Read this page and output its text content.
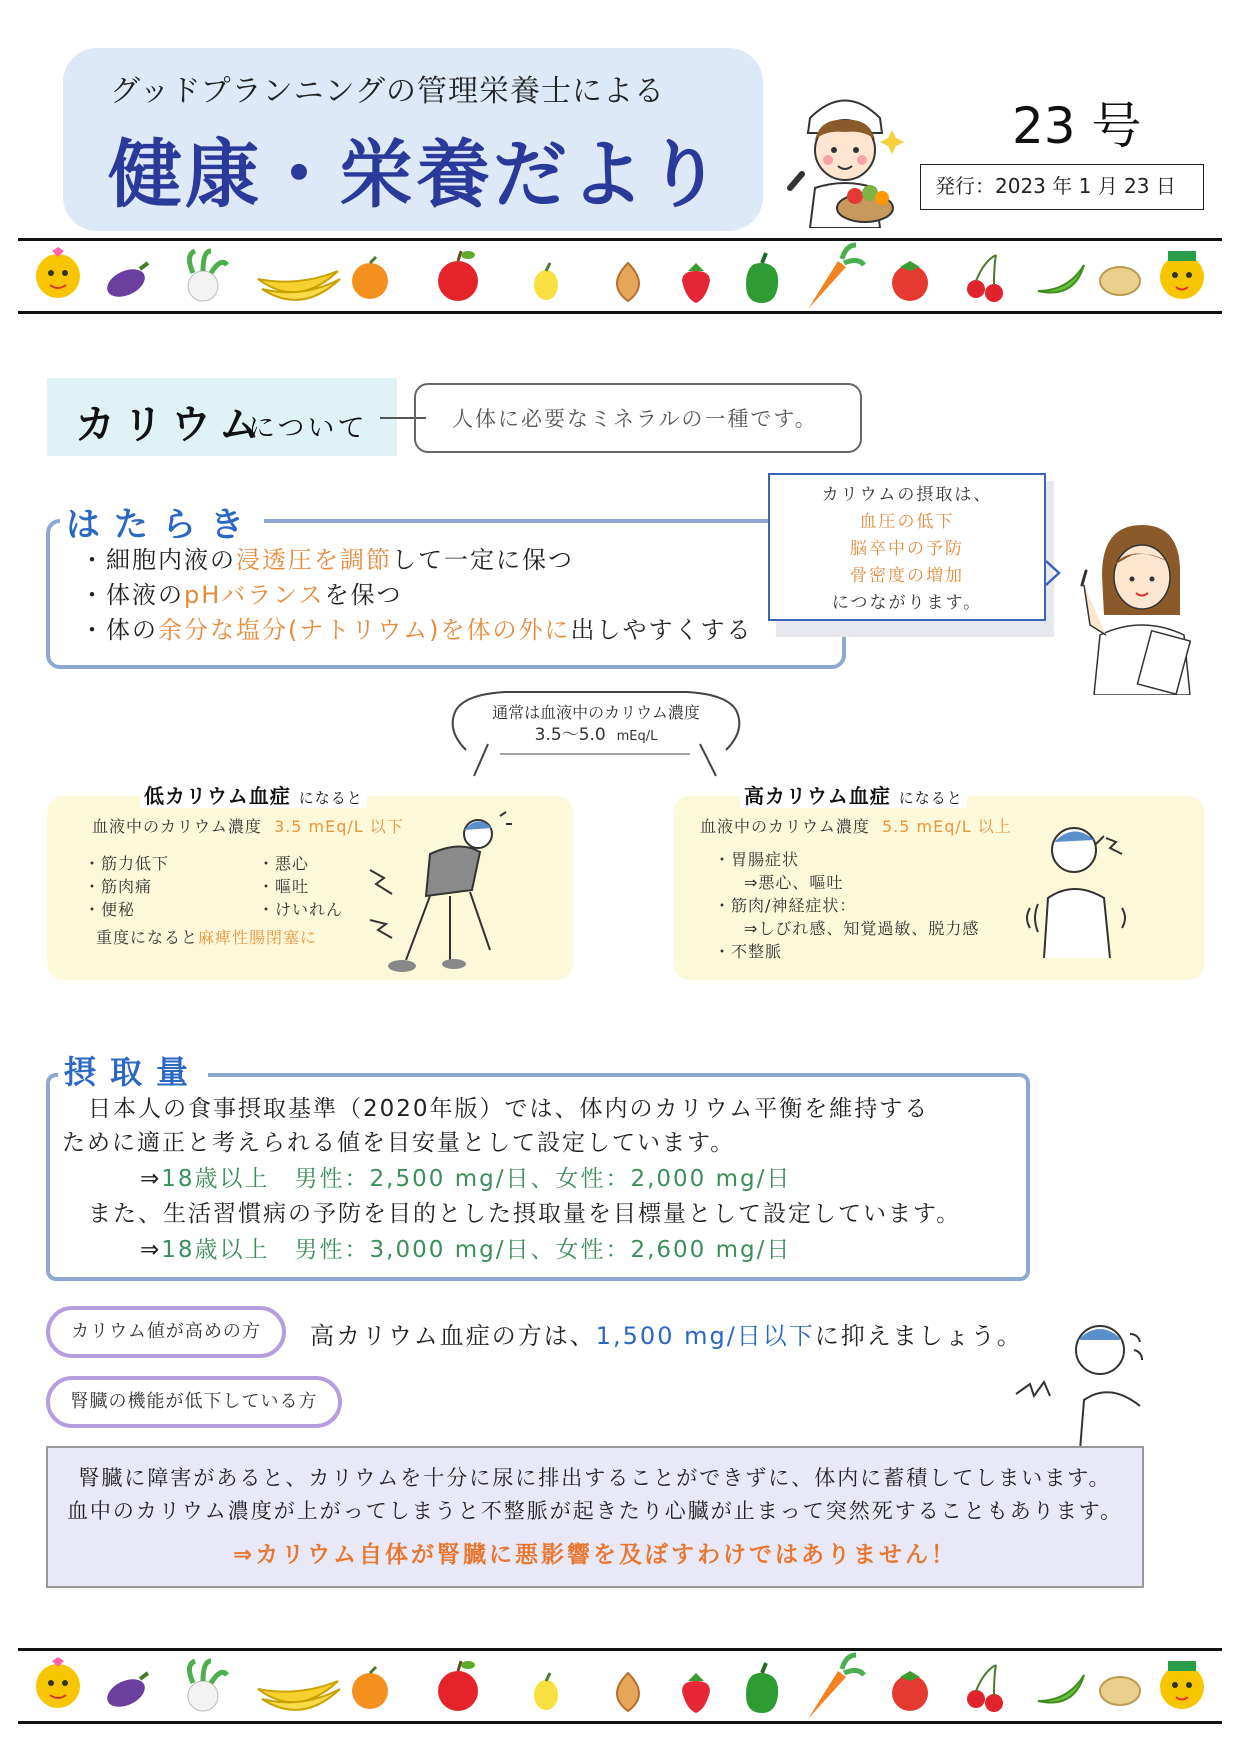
グッドプランニングの管理栄養士による
健康・栄養だより
23 号
発行：2023 年 1 月 23 日
カリウム
について	人体に必要なミネラルの一種です。
はたらき
・細胞内液の浸透圧を調節して一定に保つ
・体液のpHバランスを保つ
・体の余分な塩分(ナトリウム)を体の外に出しやすくする
カリウムの摂取は、
血圧の低下
脳卒中の予防
骨密度の増加
につながります。
通常は血液中のカリウム濃度
3.5～5.0 mEq/L
低カリウム血症 になると
血液中のカリウム濃度 3.5 mEq/L 以下
・筋力低下
・筋肉痛
・便秘
・悪心
・嘔吐
・けいれん
重度になると麻痺性腸閉塞に
高カリウム血症 になると
血液中のカリウム濃度 5.5 mEq/L 以上
・胃腸症状
⇒悪心、嘔吐
・筋肉/神経症状：
⇒しびれ感、知覚過敏、脱力感
・不整脈
摂取量
日本人の食事摂取基準（2020年版）では、体内のカリウム平衡を維持する
ために適正と考えられる値を目安量として設定しています。
⇒18歳以上　男性：2,500 mg/日、女性：2,000 mg/日
また、生活習慣病の予防を目的とした摂取量を目標量として設定しています。
⇒18歳以上　男性：3,000 mg/日、女性：2,600 mg/日
カリウム値が高めの方	高カリウム血症の方は、1,500 mg/日以下に抑えましょう。
腎臓の機能が低下している方
腎臓に障害があると、カリウムを十分に尿に排出することができずに、体内に蓄積してしまいます。
血中のカリウム濃度が上がってしまうと不整脈が起きたり心臓が止まって突然死することもあります。
⇒カリウム自体が腎臓に悪影響を及ぼすわけではありません！
